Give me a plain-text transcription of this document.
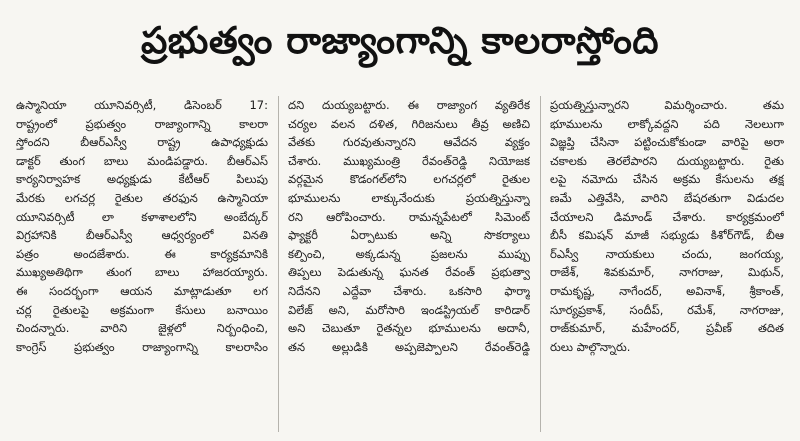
ప్రభుత్వం రాజ్యాంగాన్ని కాలరాస్తోంది
ఉస్మానియా యూనివర్సిటీ, డిసెంబర్ 17:
రాష్ట్రంలో ప్రభుత్వం రాజ్యాంగాన్ని కాలరా
స్తోందని బీఆర్ఎస్వీ రాష్ట్ర ఉపాధ్యక్షుడు
డాక్టర్ తుంగ బాలు మండిపడ్డారు. బీఆర్ఎస్
కార్యనిర్వాహక అధ్యక్షుడు కేటీఆర్ పిలుపు
మేరకు లగచర్ల రైతుల తరఫున ఉస్మానియా
యూనివర్సిటీ లా కళాశాలలోని అంబేద్కర్
విగ్రహానికి బీఆర్ఎస్వీ ఆధ్వర్యంలో వినతి
పత్రం అందజేశారు. ఈ కార్యక్రమానికి
ముఖ్యఅతిథిగా తుంగ బాలు హాజరయ్యారు.
ఈ సందర్భంగా ఆయన మాట్లాడుతూ లగ
చర్ల రైతులపై అక్రమంగా కేసులు బనాయిం
చిందన్నారు. వారిని జైళ్లలో నిర్బంధించి,
కాంగ్రెస్ ప్రభుత్వం రాజ్యాంగాన్ని కాలరాసిం
దని దుయ్యబట్టారు. ఈ రాజ్యాంగ వ్యతిరేక
చర్యల వలన దళిత, గిరిజనులు తీవ్ర అణిచి
వేతకు గురవుతున్నారని ఆవేదన వ్యక్తం
చేశారు. ముఖ్యమంత్రి రేవంత్‌రెడ్డి నియోజక
వర్గమైన కొడంగల్‌లోని లగచర్లలో రైతుల
భూములను లాక్కునేందుకు ప్రయత్నిస్తున్నా
రని ఆరోపించారు. రామన్నపేటలో సిమెంట్
ఫ్యాక్టరీ ఏర్పాటుకు అన్ని సొకర్యాలు
కల్పించి, అక్కడున్న ప్రజలను ముప్పు
తిప్పలు పెడుతున్న ఘనత రేవంత్ ప్రభుత్వా
నిదేనని ఎద్దేవా చేశారు. ఒకసారి ఫార్మా
విలేజ్ అని, మరోసారి ఇండస్ట్రియల్ కారిడార్
అని చెబుతూ రైతన్నల భూములను అదానీ,
తన అల్లుడికి అప్పజెప్పాలని రేవంత్‌రెడ్డి
ప్రయత్నిస్తున్నారని విమర్శించారు. తమ
భూములను లాక్కోవద్దని పది నెలలుగా
విజ్ఞప్తి చేసినా పట్టించుకోకుండా వారిపై అరా
చకాలకు తెరలేపారని దుయ్యబట్టారు. రైతు
లపై నమోదు చేసిన అక్రమ కేసులను తక్ష
ణమే ఎత్తివేసి, వారిని బేషరతుగా విడుదల
చేయాలని డిమాండ్ చేశారు. కార్యక్రమంలో
బీసీ కమిషన్ మాజీ సభ్యుడు కిశోర్‌గౌడ్, బీఆ
ర్ఎస్వీ నాయకులు చందు, జంగయ్య,
రాజేశ్, శివకుమార్, నాగరాజు, మిథున్,
రామకృష్ణ, నాగేందర్, అవినాశ్, శ్రీకాంత్,
సూర్యప్రకాశ్, సందీప్, రమేశ్, నాగరాజు,
రాజ్‌కుమార్, మహేందర్, ప్రవీణ్ తదిత
రులు పాల్గొన్నారు.
